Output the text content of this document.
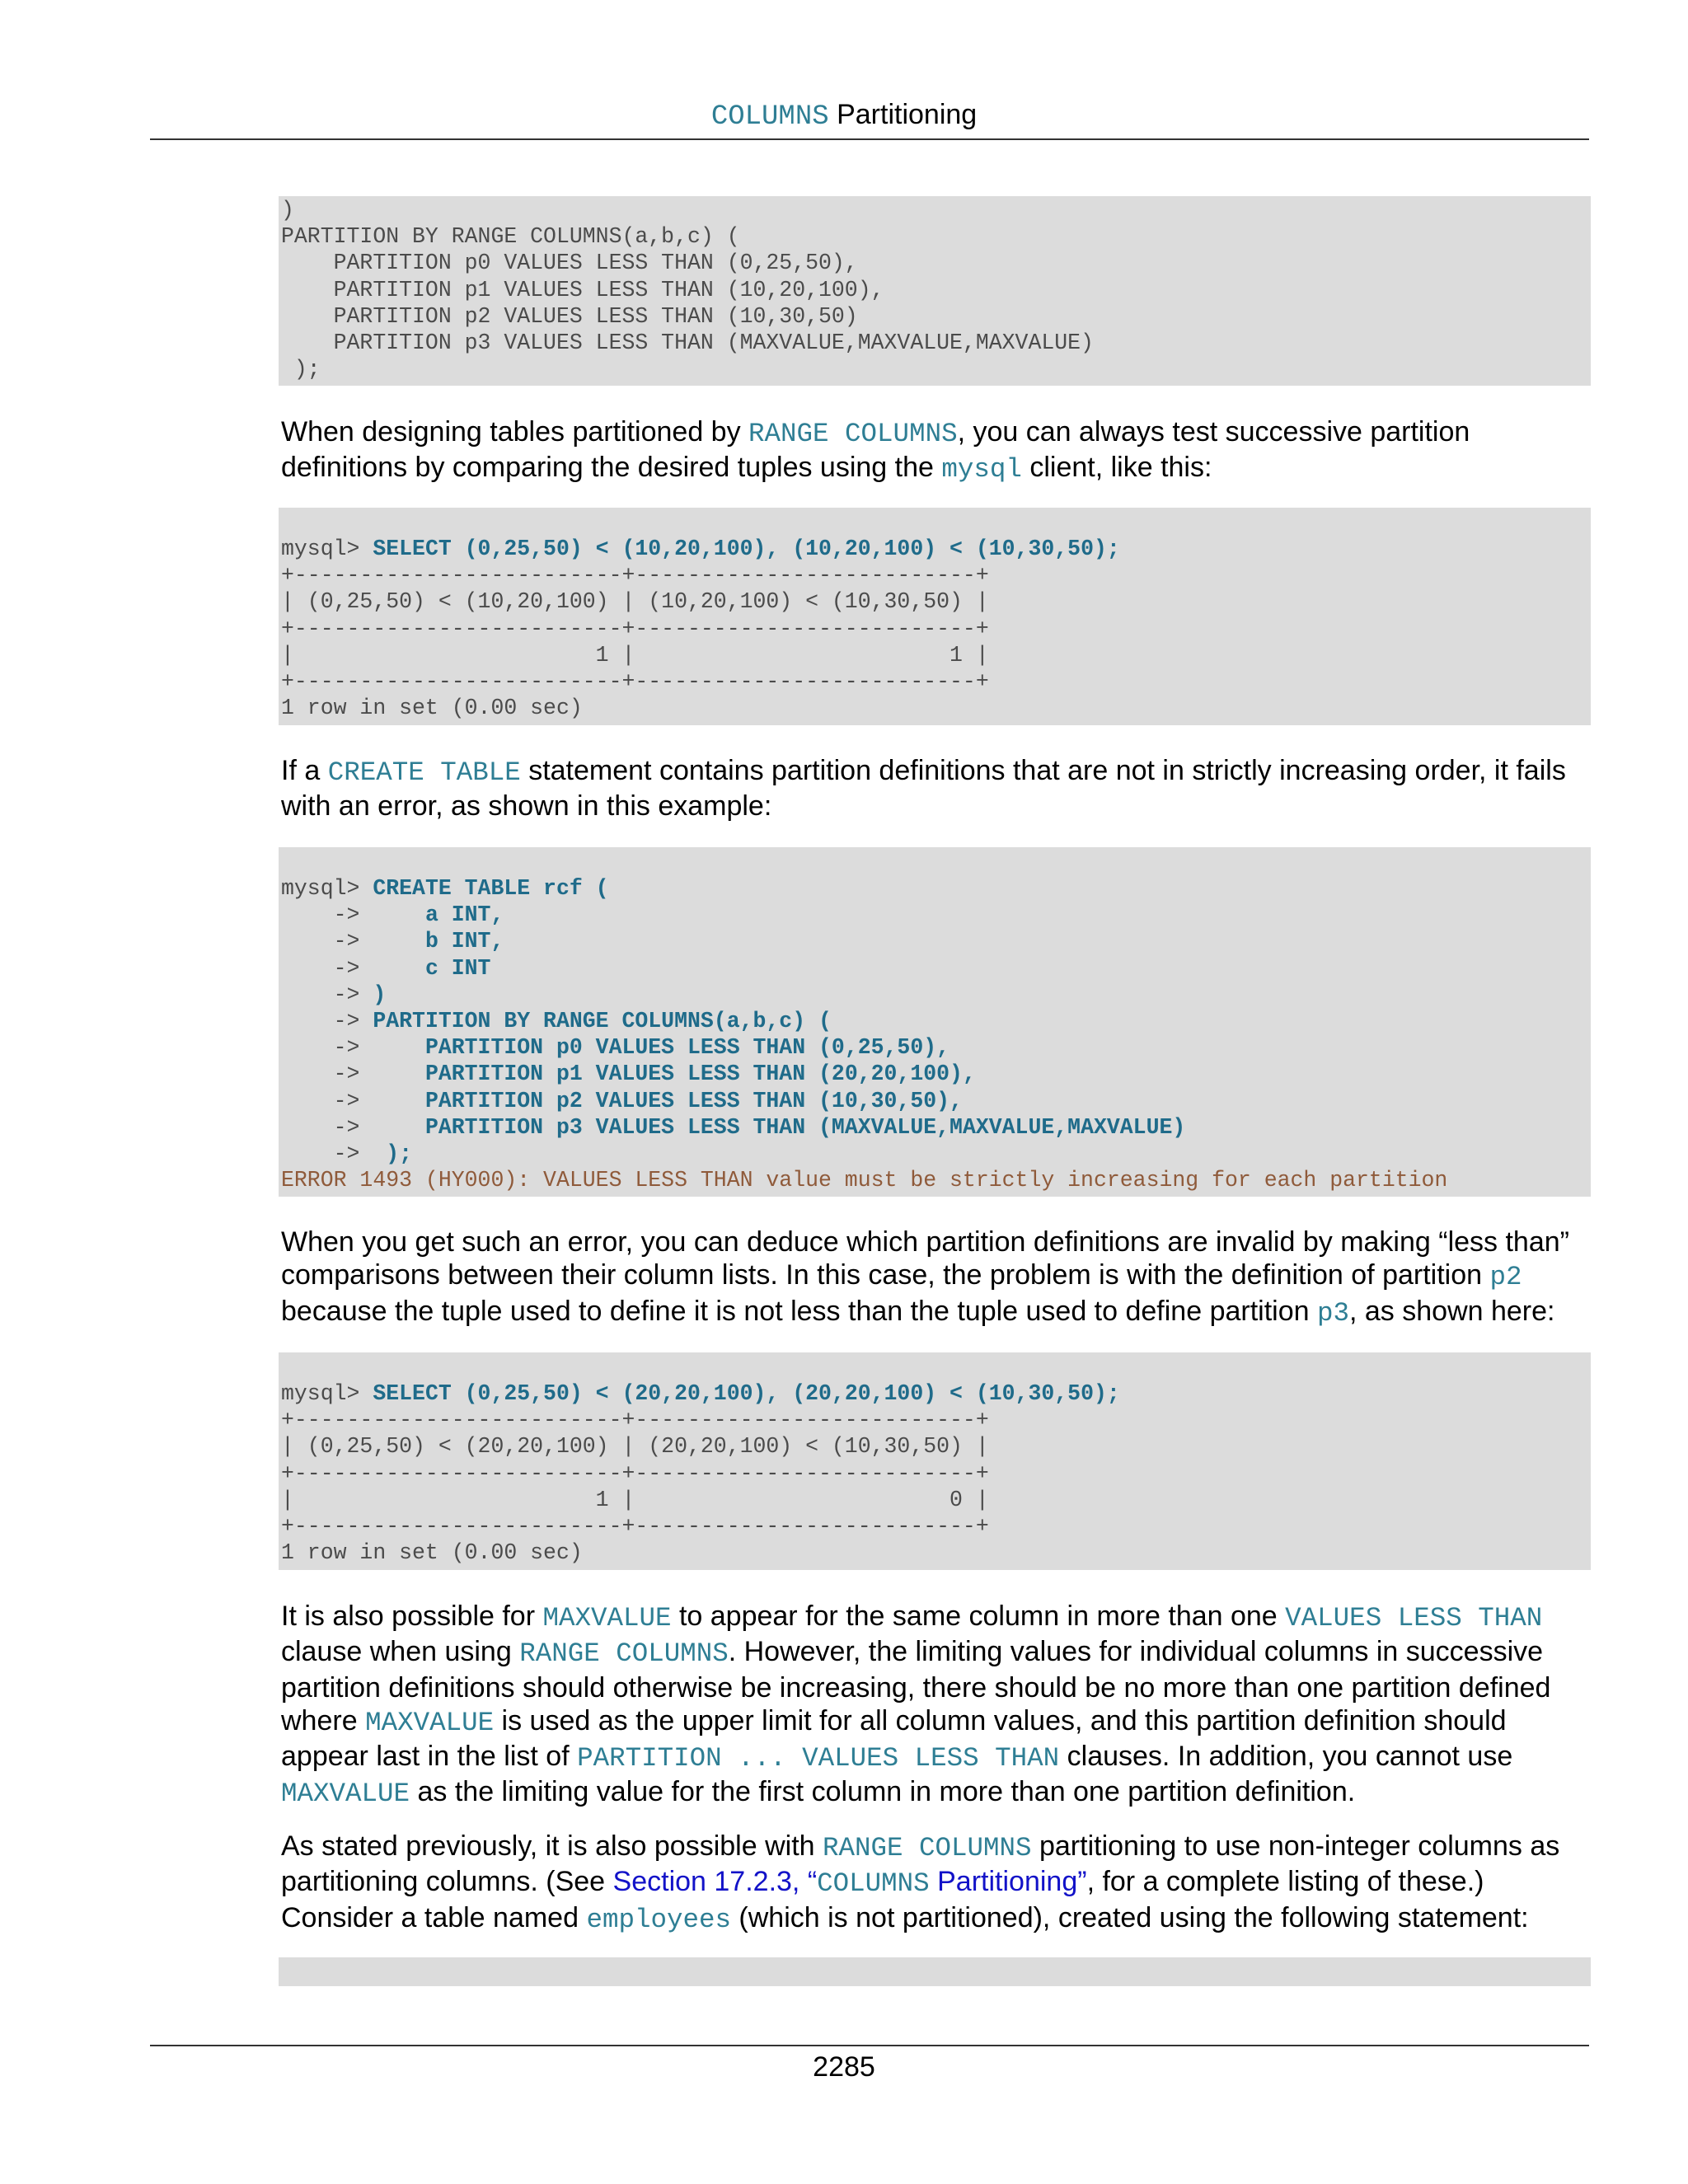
COLUMNS Partitioning
)
PARTITION BY RANGE COLUMNS(a,b,c) (
PARTITION p0 VALUES LESS THAN (0,25,50),
PARTITION p1 VALUES LESS THAN (10,20,100),
PARTITION p2 VALUES LESS THAN (10,30,50)
PARTITION p3 VALUES LESS THAN (MAXVALUE,MAXVALUE,MAXVALUE)
);
When designing tables partitioned by RANGE COLUMNS, you can always test successive partition definitions by comparing the desired tuples using the mysql client, like this:
mysql> SELECT (0,25,50) < (10,20,100), (10,20,100) < (10,30,50);
+-------------------------+--------------------------+
| (0,25,50) < (10,20,100) | (10,20,100) < (10,30,50) |
+-------------------------+--------------------------+
|                       1 |                        1 |
+-------------------------+--------------------------+
1 row in set (0.00 sec)
If a CREATE TABLE statement contains partition definitions that are not in strictly increasing order, it fails with an error, as shown in this example:
mysql> CREATE TABLE rcf (
->     a INT,
->     b INT,
->     c INT
-> )
-> PARTITION BY RANGE COLUMNS(a,b,c) (
->     PARTITION p0 VALUES LESS THAN (0,25,50),
->     PARTITION p1 VALUES LESS THAN (20,20,100),
->     PARTITION p2 VALUES LESS THAN (10,30,50),
->     PARTITION p3 VALUES LESS THAN (MAXVALUE,MAXVALUE,MAXVALUE)
->  );
ERROR 1493 (HY000): VALUES LESS THAN value must be strictly increasing for each partition
When you get such an error, you can deduce which partition definitions are invalid by making “less than” comparisons between their column lists. In this case, the problem is with the definition of partition p2 because the tuple used to define it is not less than the tuple used to define partition p3, as shown here:
mysql> SELECT (0,25,50) < (20,20,100), (20,20,100) < (10,30,50);
+-------------------------+--------------------------+
| (0,25,50) < (20,20,100) | (20,20,100) < (10,30,50) |
+-------------------------+--------------------------+
|                       1 |                        0 |
+-------------------------+--------------------------+
1 row in set (0.00 sec)
It is also possible for MAXVALUE to appear for the same column in more than one VALUES LESS THAN clause when using RANGE COLUMNS. However, the limiting values for individual columns in successive partition definitions should otherwise be increasing, there should be no more than one partition defined where MAXVALUE is used as the upper limit for all column values, and this partition definition should appear last in the list of PARTITION ... VALUES LESS THAN clauses. In addition, you cannot use MAXVALUE as the limiting value for the first column in more than one partition definition.
As stated previously, it is also possible with RANGE COLUMNS partitioning to use non-integer columns as partitioning columns. (See Section 17.2.3, “COLUMNS Partitioning”, for a complete listing of these.) Consider a table named employees (which is not partitioned), created using the following statement:
2285
